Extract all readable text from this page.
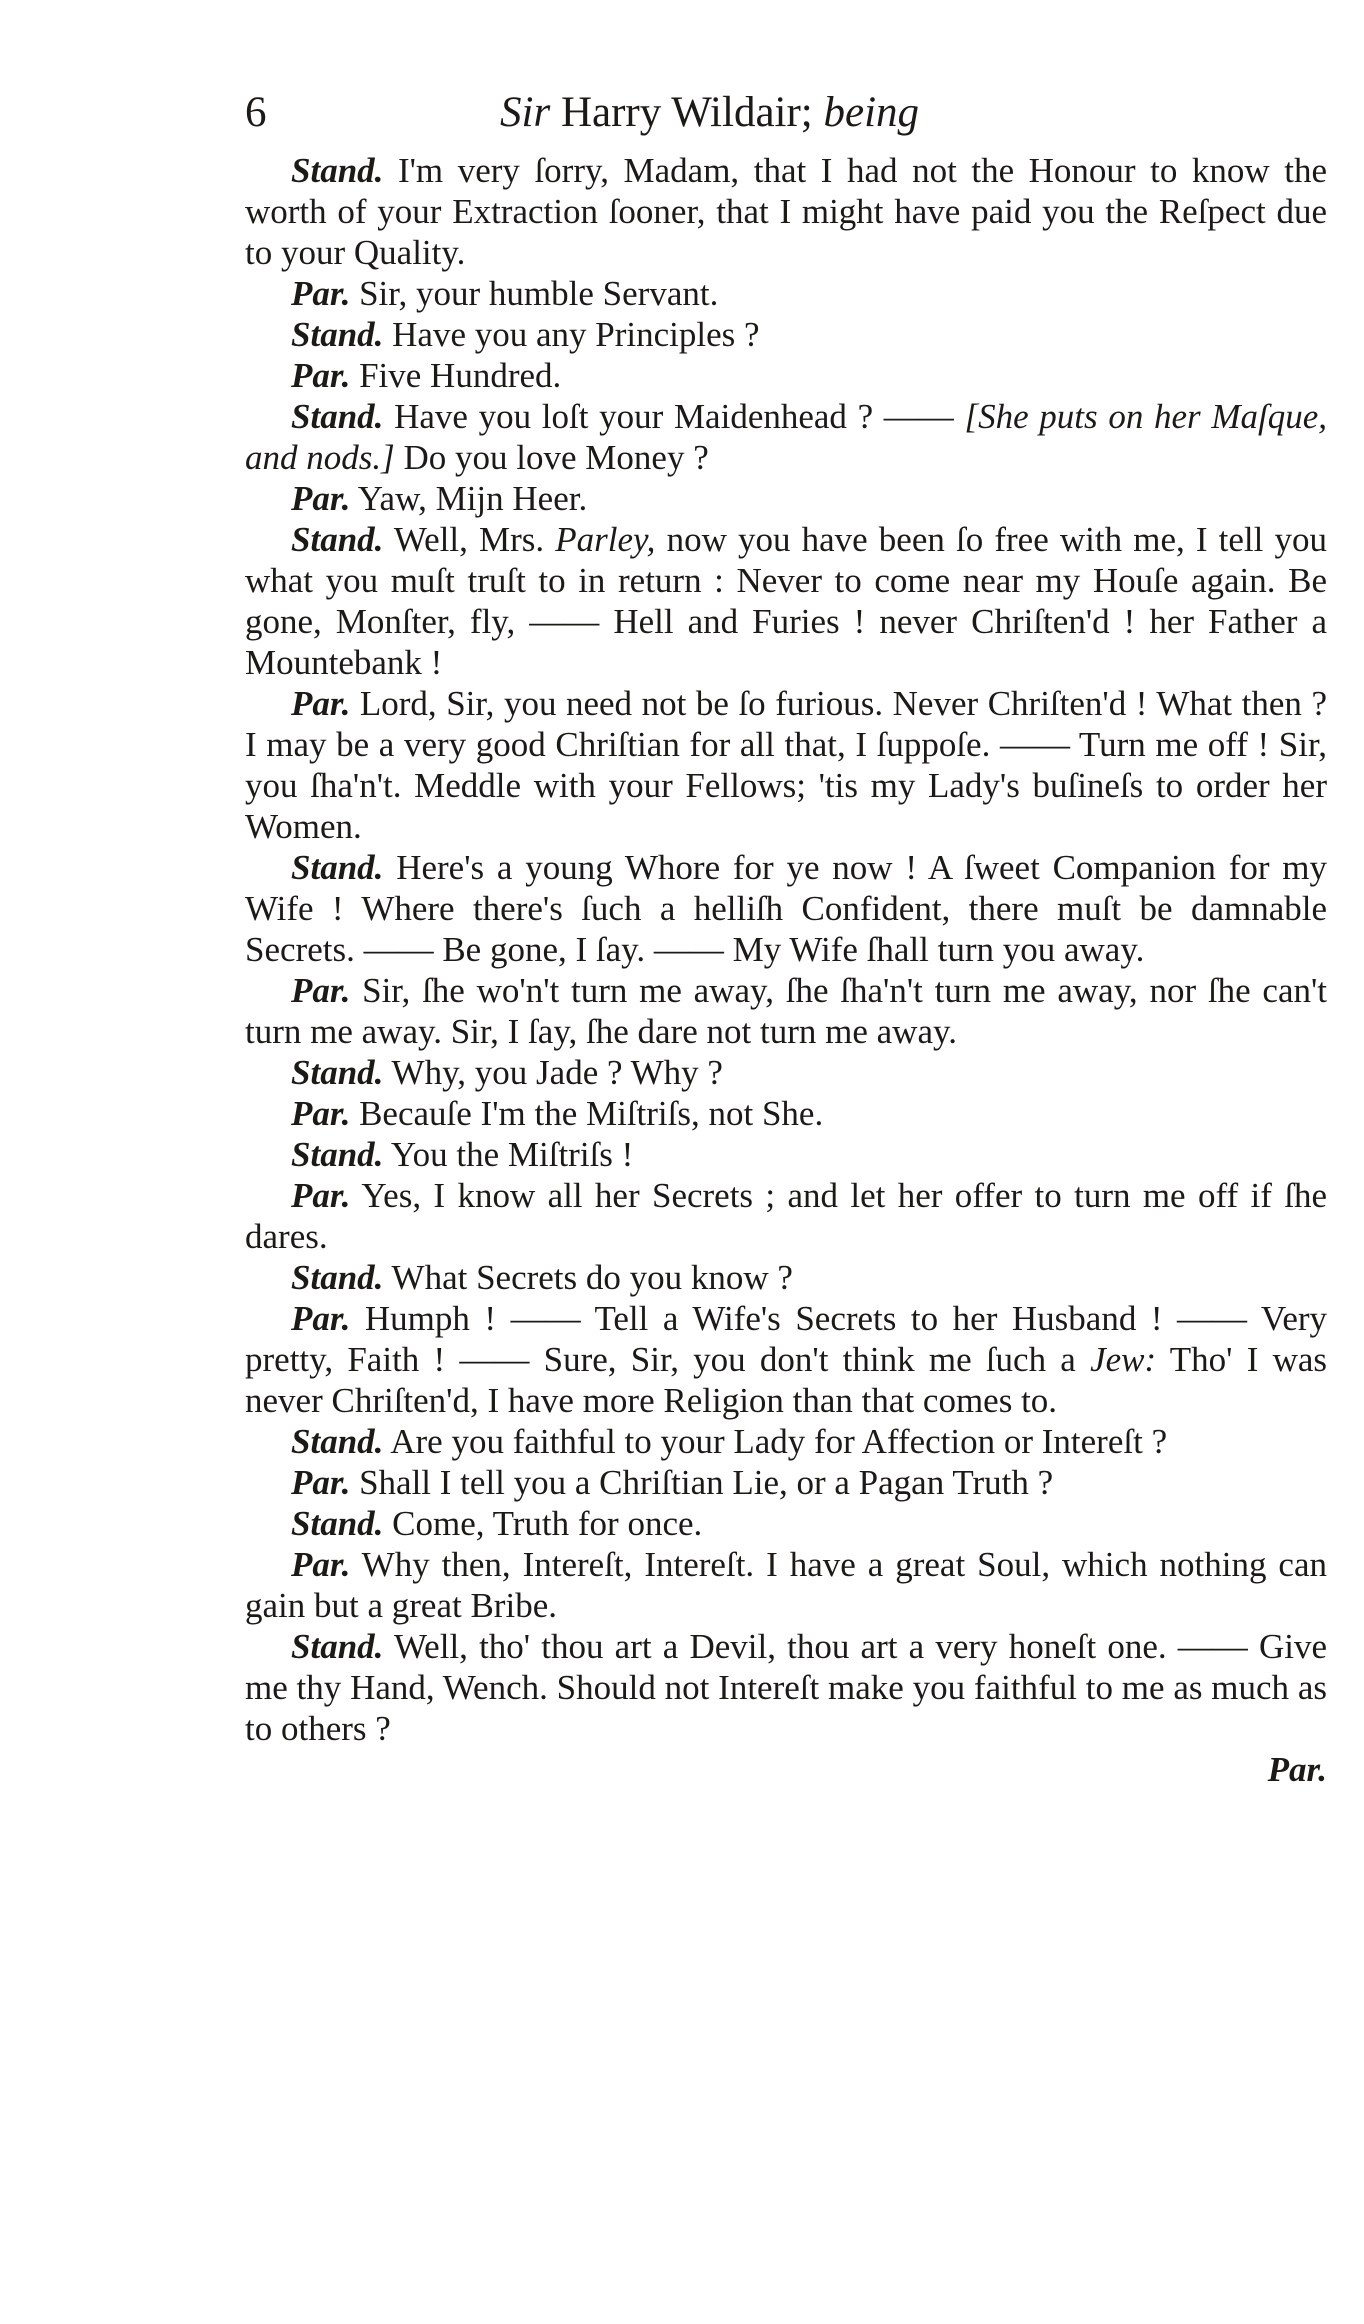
6	Sir Harry Wildair; being

Stand. I'm very ſorry, Madam, that I had not the Honour to know the worth of your Extraction ſooner, that I might have paid you the Reſpect due to your Quality.

Par. Sir, your humble Servant.

Stand. Have you any Principles ?

Par. Five Hundred.

Stand. Have you loſt your Maidenhead ? —— [She puts on her Maſque, and nods.] Do you love Money ?

Par. Yaw, Mijn Heer.

Stand. Well, Mrs. Parley, now you have been ſo free with me, I tell you what you muſt truſt to in return : Never to come near my Houſe again. Be gone, Monſter, fly, —— Hell and Furies ! never Chriſten'd ! her Father a Mountebank !

Par. Lord, Sir, you need not be ſo furious. Never Chriſten'd ! What then ? I may be a very good Chriſtian for all that, I ſuppoſe. —— Turn me off ! Sir, you ſha'n't. Meddle with your Fellows; 'tis my Lady's buſineſs to order her Women.

Stand. Here's a young Whore for ye now ! A ſweet Companion for my Wife ! Where there's ſuch a helliſh Confident, there muſt be damnable Secrets. —— Be gone, I ſay. —— My Wife ſhall turn you away.

Par. Sir, ſhe wo'n't turn me away, ſhe ſha'n't turn me away, nor ſhe can't turn me away. Sir, I ſay, ſhe dare not turn me away.

Stand. Why, you Jade ? Why ?

Par. Becauſe I'm the Miſtriſs, not She.

Stand. You the Miſtriſs !

Par. Yes, I know all her Secrets ; and let her offer to turn me off if ſhe dares.

Stand. What Secrets do you know ?

Par. Humph ! —— Tell a Wife's Secrets to her Husband ! —— Very pretty, Faith ! —— Sure, Sir, you don't think me ſuch a Jew: Tho' I was never Chriſten'd, I have more Religion than that comes to.

Stand. Are you faithful to your Lady for Affection or Intereſt ?

Par. Shall I tell you a Chriſtian Lie, or a Pagan Truth ?

Stand. Come, Truth for once.

Par. Why then, Intereſt, Intereſt. I have a great Soul, which nothing can gain but a great Bribe.

Stand. Well, tho' thou art a Devil, thou art a very honeſt one. —— Give me thy Hand, Wench. Should not Intereſt make you faithful to me as much as to others ?

Par.
